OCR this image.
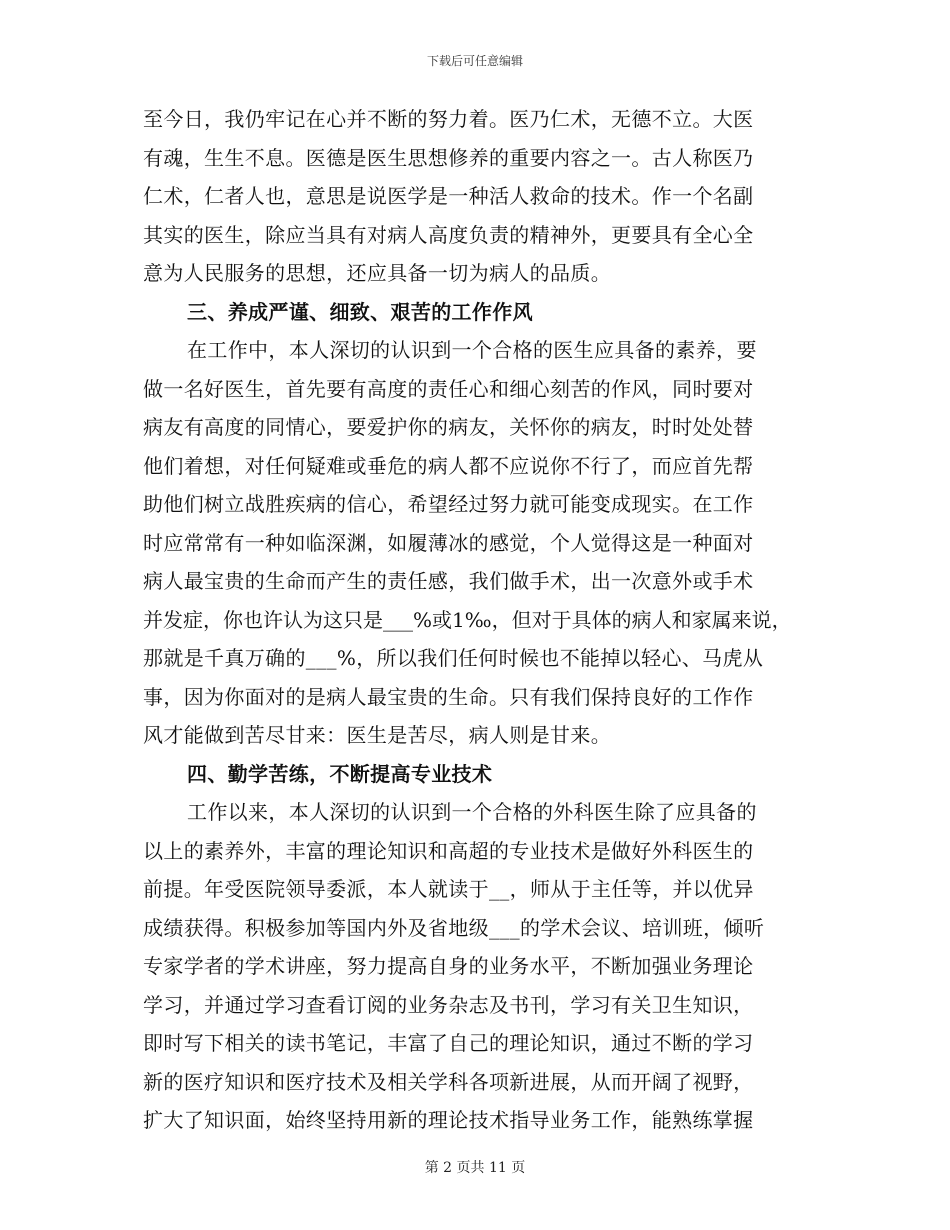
下载后可任意编辑
至今日，我仍牢记在心并不断的努力着。医乃仁术，无德不立。大医
有魂，生生不息。医德是医生思想修养的重要内容之一。古人称医乃
仁术，仁者人也，意思是说医学是一种活人救命的技术。作一个名副
其实的医生，除应当具有对病人高度负责的精神外，更要具有全心全
意为人民服务的思想，还应具备一切为病人的品质。
三、养成严谨、细致、艰苦的工作作风
在工作中，本人深切的认识到一个合格的医生应具备的素养，要
做一名好医生，首先要有高度的责任心和细心刻苦的作风，同时要对
病友有高度的同情心，要爱护你的病友，关怀你的病友，时时处处替
他们着想，对任何疑难或垂危的病人都不应说你不行了，而应首先帮
助他们树立战胜疾病的信心，希望经过努力就可能变成现实。在工作
时应常常有一种如临深渊，如履薄冰的感觉，个人觉得这是一种面对
病人最宝贵的生命而产生的责任感，我们做手术，出一次意外或手术
并发症，你也许认为这只是___%或1‰，但对于具体的病人和家属来说，
那就是千真万确的___%，所以我们任何时候也不能掉以轻心、马虎从
事，因为你面对的是病人最宝贵的生命。只有我们保持良好的工作作
风才能做到苦尽甘来：医生是苦尽，病人则是甘来。
四、勤学苦练，不断提高专业技术
工作以来，本人深切的认识到一个合格的外科医生除了应具备的
以上的素养外，丰富的理论知识和高超的专业技术是做好外科医生的
前提。年受医院领导委派，本人就读于__，师从于主任等，并以优异
成绩获得。积极参加等国内外及省地级___的学术会议、培训班，倾听
专家学者的学术讲座，努力提高自身的业务水平，不断加强业务理论
学习，并通过学习查看订阅的业务杂志及书刊，学习有关卫生知识，
即时写下相关的读书笔记，丰富了自己的理论知识，通过不断的学习
新的医疗知识和医疗技术及相关学科各项新进展，从而开阔了视野，
扩大了知识面，始终坚持用新的理论技术指导业务工作，能熟练掌握
第 2 页共 11 页
